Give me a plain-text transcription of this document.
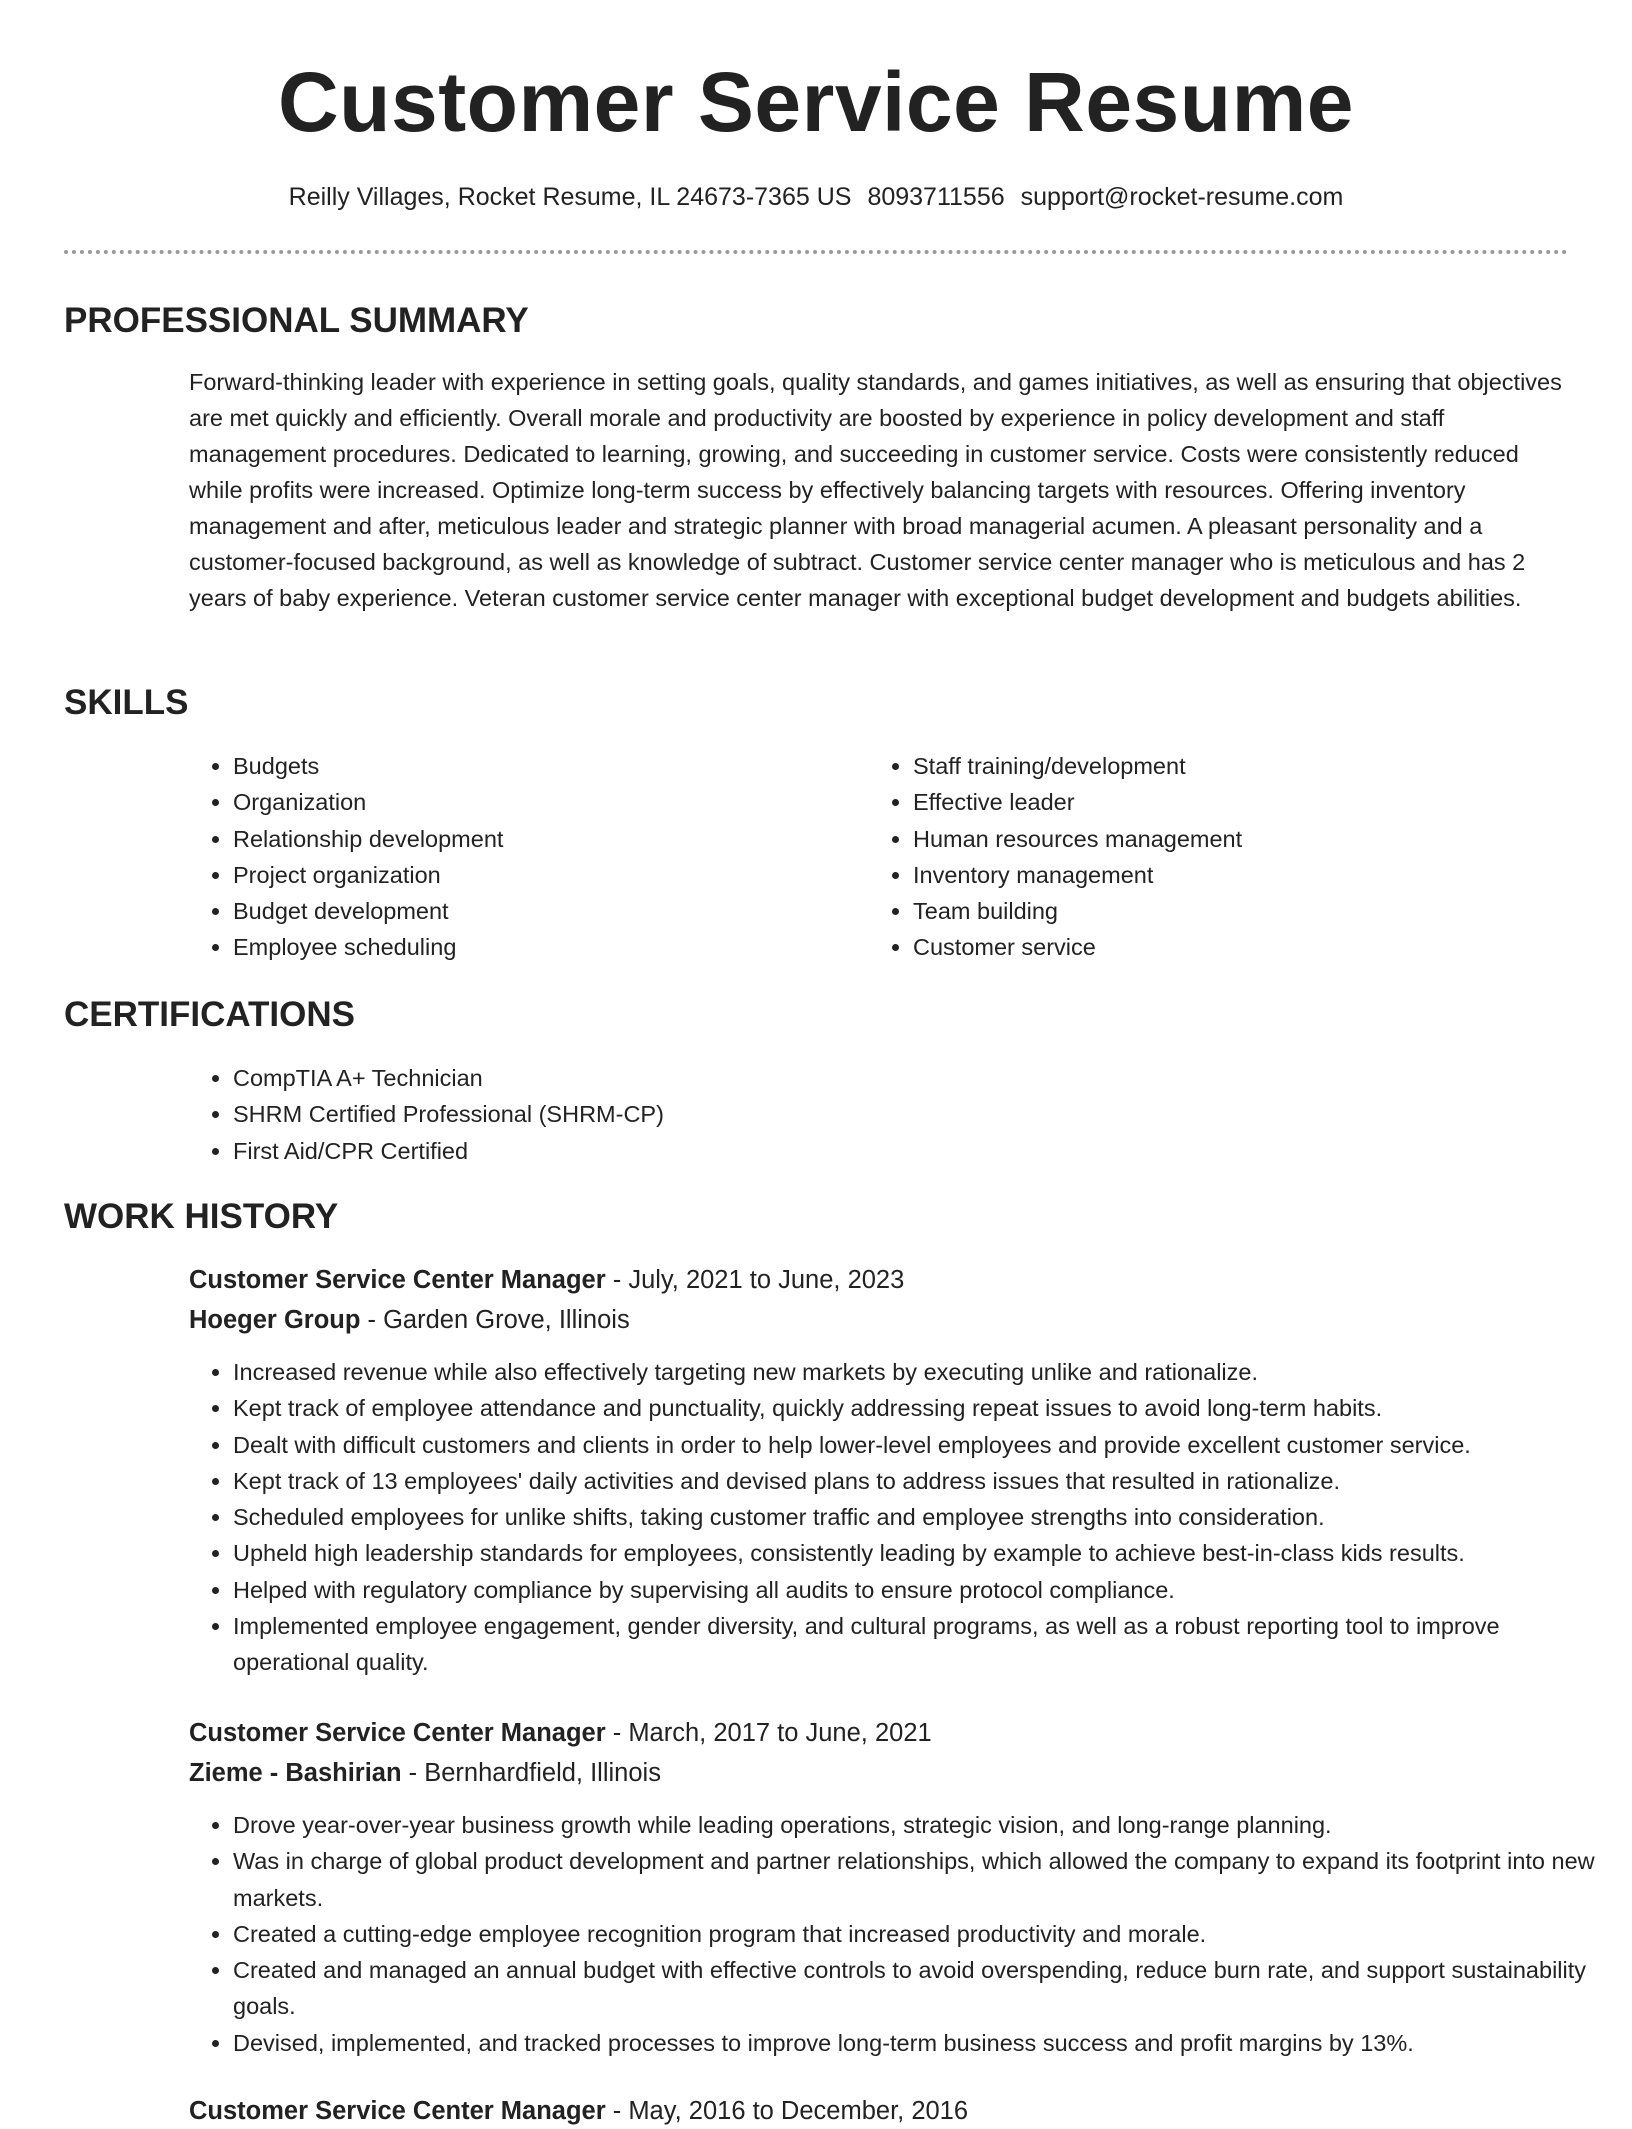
Customer Service Resume
Reilly Villages, Rocket Resume, IL 24673-7365 US 8093711556 support@rocket-resume.com
PROFESSIONAL SUMMARY

Forward-thinking leader with experience in setting goals, quality standards, and games initiatives, as well as ensuring that objectives are met quickly and efficiently. Overall morale and productivity are boosted by experience in policy development and staff management procedures. Dedicated to learning, growing, and succeeding in customer service. Costs were consistently reduced while profits were increased. Optimize long-term success by effectively balancing targets with resources. Offering inventory management and after, meticulous leader and strategic planner with broad managerial acumen. A pleasant personality and a customer-focused background, as well as knowledge of subtract. Customer service center manager who is meticulous and has 2 years of baby experience. Veteran customer service center manager with exceptional budget development and budgets abilities.

SKILLS
• Budgets
• Organization
• Relationship development
• Project organization
• Budget development
• Employee scheduling
• Staff training/development
• Effective leader
• Human resources management
• Inventory management
• Team building
• Customer service
CERTIFICATIONS
• CompTIA A+ Technician
• SHRM Certified Professional (SHRM-CP)
• First Aid/CPR Certified
WORK HISTORY

Customer Service Center Manager - July, 2021 to June, 2023

Hoeger Group - Garden Grove, Illinois

• Increased revenue while also effectively targeting new markets by executing unlike and rationalize.
• Kept track of employee attendance and punctuality, quickly addressing repeat issues to avoid long-term habits.
• Dealt with difficult customers and clients in order to help lower-level employees and provide excellent customer service.
• Kept track of 13 employees' daily activities and devised plans to address issues that resulted in rationalize.
• Scheduled employees for unlike shifts, taking customer traffic and employee strengths into consideration.
• Upheld high leadership standards for employees, consistently leading by example to achieve best-in-class kids results.
• Helped with regulatory compliance by supervising all audits to ensure protocol compliance.
• Implemented employee engagement, gender diversity, and cultural programs, as well as a robust reporting tool to improve operational quality.

Customer Service Center Manager - March, 2017 to June, 2021

Zieme - Bashirian - Bernhardfield, Illinois

• Drove year-over-year business growth while leading operations, strategic vision, and long-range planning.
• Was in charge of global product development and partner relationships, which allowed the company to expand its footprint into new markets.
• Created a cutting-edge employee recognition program that increased productivity and morale.
• Created and managed an annual budget with effective controls to avoid overspending, reduce burn rate, and support sustainability goals.
• Devised, implemented, and tracked processes to improve long-term business success and profit margins by 13%.

Customer Service Center Manager - May, 2016 to December, 2016
